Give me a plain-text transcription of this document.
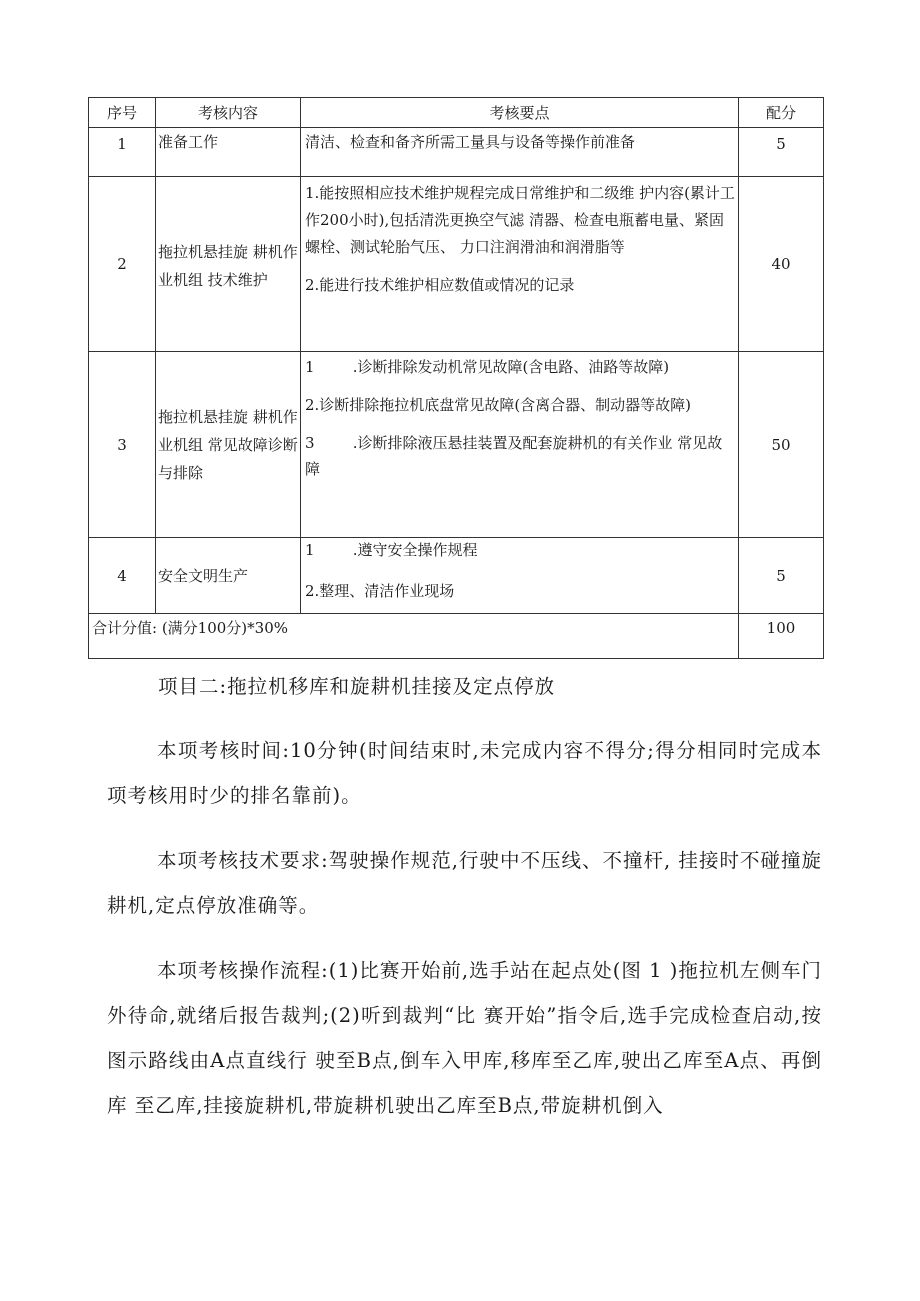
序号	考核内容	考核要点	配分
1	准备工作	清洁、检查和备齐所需工量具与设备等操作前准备	5
2	拖拉机悬挂旋 耕机作业机组 技术维护	1.能按照相应技术维护规程完成日常维护和二级维 护内容(累计工作200小时),包括清洗更换空气滤 清器、检查电瓶蓄电量、紧固螺栓、测试轮胎气压、 力口注润滑油和润滑脂等

2.能进行技术维护相应数值或情况的记录	40
3	拖拉机悬挂旋 耕机作业机组 常见故障诊断 与排除	1        .诊断排除发动机常见故障(含电路、油路等故障)

2.诊断排除拖拉机底盘常见故障(含离合器、制动器等故障)

3        .诊断排除液压悬挂装置及配套旋耕机的有关作业 常见故障	50
4	安全文明生产	1        .遵守安全操作规程

2.整理、清洁作业现场	5
合计分值: (满分100分)*30%			100

项目二:拖拉机移库和旋耕机挂接及定点停放

本项考核时间:10分钟(时间结束时,未完成内容不得分;得分相同时完成本项考核用时少的排名靠前)。

本项考核技术要求:驾驶操作规范,行驶中不压线、不撞杆, 挂接时不碰撞旋耕机,定点停放准确等。

本项考核操作流程:(1)比赛开始前,选手站在起点处(图 1 )拖拉机左侧车门外待命,就绪后报告裁判;(2)听到裁判“比 赛开始”指令后,选手完成检查启动,按图示路线由A点直线行 驶至B点,倒车入甲库,移库至乙库,驶出乙库至A点、再倒库 至乙库,挂接旋耕机,带旋耕机驶出乙库至B点,带旋耕机倒入
